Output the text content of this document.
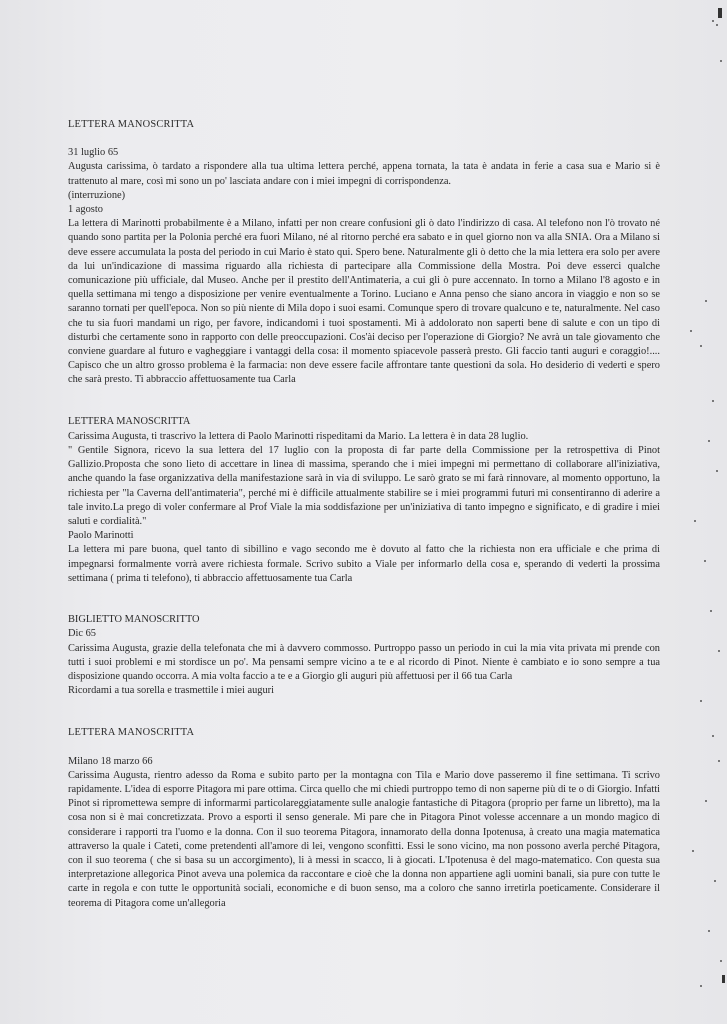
LETTERA MANOSCRITTA

31 luglio 65

Augusta carissima, ò tardato a rispondere alla tua ultima lettera perché, appena tornata, la tata è andata in ferie a casa sua e Mario si è trattenuto al mare, così mi sono un po' lasciata andare con i miei impegni di corrispondenza.

(interruzione)

1 agosto

La lettera di Marinotti probabilmente è a Milano, infatti per non creare confusioni gli ò dato l'indirizzo di casa. Al telefono non l'ò trovato né quando sono partita per la Polonia perché era fuori Milano, né al ritorno perché era sabato e in quel giorno non va alla SNIA. Ora a Milano si deve essere accumulata la posta del periodo in cui Mario è stato qui. Spero bene. Naturalmente gli ò detto che la mia lettera era solo per avere da lui un'indicazione di massima riguardo alla richiesta di partecipare alla Commissione della Mostra. Poi deve esserci qualche comunicazione più ufficiale, dal Museo. Anche per il prestito dell'Antimateria, a cui gli ò pure accennato. In torno a Milano l'8 agosto e in quella settimana mi tengo a disposizione per venire eventualmente a Torino. Luciano e Anna penso che siano ancora in viaggio e non so se saranno tornati per quell'epoca. Non so più niente di Mila dopo i suoi esami. Comunque spero di trovare qualcuno e te, naturalmente. Nel caso che tu sia fuori mandami un rigo, per favore, indicandomi i tuoi spostamenti. Mi à addolorato non saperti bene di salute e con un tipo di disturbi che certamente sono in rapporto con delle preoccupazioni. Cos'ài deciso per l'operazione di Giorgio? Ne avrà un tale giovamento che conviene guardare al futuro e vagheggiare i vantaggi della cosa: il momento spiacevole passerà presto. Gli faccio tanti auguri e coraggio!.... Capisco che un altro grosso problema è la farmacia: non deve essere facile affrontare tante questioni da sola. Ho desiderio di vederti e spero che sarà presto. Ti abbraccio affettuosamente tua Carla

LETTERA MANOSCRITTA

Carissima Augusta, ti trascrivo la lettera di Paolo Marinotti rispeditami da Mario. La lettera è in data 28 luglio.

" Gentile Signora, ricevo la sua lettera del 17 luglio con la proposta di far parte della Commissione per la retrospettiva di Pinot Gallizio.Proposta che sono lieto di accettare in linea di massima, sperando che i miei impegni mi permettano di collaborare all'iniziativa, anche quando la fase organizzativa della manifestazione sarà in via di sviluppo. Le sarò grato se mi farà rinnovare, al momento opportuno, la richiesta per "la Caverna dell'antimateria", perché mi è difficile attualmente stabilire se i miei programmi futuri mi consentiranno di aderire a tale invito.La prego di voler confermare al Prof Viale la mia soddisfazione per un'iniziativa di tanto impegno e significato, e di gradire i miei saluti e cordialità."

Paolo Marinotti

La lettera mi pare buona, quel tanto di sibillino e vago secondo me è dovuto al fatto che la richiesta non era ufficiale e che prima di impegnarsi formalmente vorrà avere richiesta formale. Scrivo subito a Viale per informarlo della cosa e, sperando di vederti la prossima settimana ( prima ti telefono), ti abbraccio affettuosamente tua Carla

BIGLIETTO MANOSCRITTO

Dic 65

Carissima Augusta, grazie della telefonata che mi à davvero commosso. Purtroppo passo un periodo in cui la mia vita privata mi prende con tutti i suoi problemi e mi stordisce un po'. Ma pensami sempre vicino a te e al ricordo di Pinot. Niente è cambiato e io sono sempre a tua disposizione quando occorra. A mia volta faccio a te e a Giorgio gli auguri più affettuosi per il 66 tua Carla

Ricordami a tua sorella e trasmettile i miei auguri

LETTERA MANOSCRITTA

Milano 18 marzo 66

Carissima Augusta, rientro adesso da Roma e subito parto per la montagna con Tila e Mario dove passeremo il fine settimana. Ti scrivo rapidamente. L'idea di esporre Pitagora mi pare ottima. Circa quello che mi chiedi purtroppo temo di non saperne più di te o di Giorgio. Infatti Pinot si ripromettewa sempre di informarmi particolareggiatamente sulle analogie fantastiche di Pitagora (proprio per farne un libretto), ma la cosa non si è mai concretizzata. Provo a esporti il senso generale. Mi pare che in Pitagora Pinot volesse accennare a un mondo magico di considerare i rapporti tra l'uomo e la donna. Con il suo teorema Pitagora, innamorato della donna Ipotenusa, à creato una magia matematica attraverso la quale i Cateti, come pretendenti all'amore di lei, vengono sconfitti. Essi le sono vicino, ma non possono averla perché Pitagora, con il suo teorema ( che si basa su un accorgimento), li à messi in scacco, li à giocati. L'Ipotenusa è del mago-matematico. Con questa sua interpretazione allegorica Pinot aveva una polemica da raccontare e cioè che la donna non appartiene agli uomini banali, sia pure con tutte le carte in regola e con tutte le opportunità sociali, economiche e di buon senso, ma a coloro che sanno irretirla poeticamente. Considerare il teorema di Pitagora come un'allegoria
